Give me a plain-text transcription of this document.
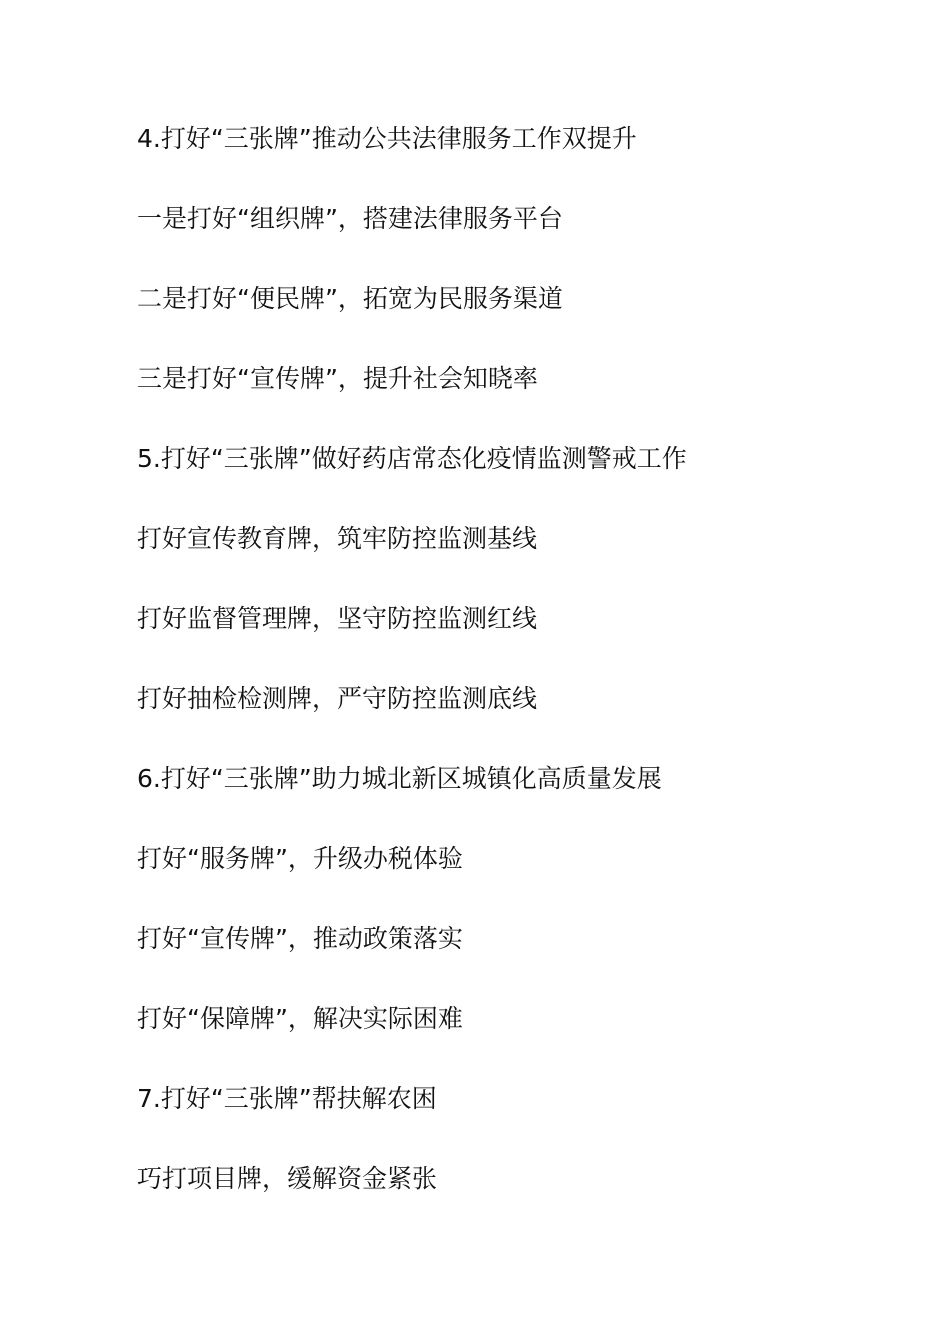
4.打好“三张牌”推动公共法律服务工作双提升

一是打好“组织牌”，搭建法律服务平台

二是打好“便民牌”，拓宽为民服务渠道

三是打好“宣传牌”，提升社会知晓率

5.打好“三张牌”做好药店常态化疫情监测警戒工作

打好宣传教育牌，筑牢防控监测基线

打好监督管理牌，坚守防控监测红线

打好抽检检测牌，严守防控监测底线

6.打好“三张牌”助力城北新区城镇化高质量发展

打好“服务牌”，升级办税体验

打好“宣传牌”，推动政策落实

打好“保障牌”，解决实际困难

7.打好“三张牌”帮扶解农困

巧打项目牌，缓解资金紧张
